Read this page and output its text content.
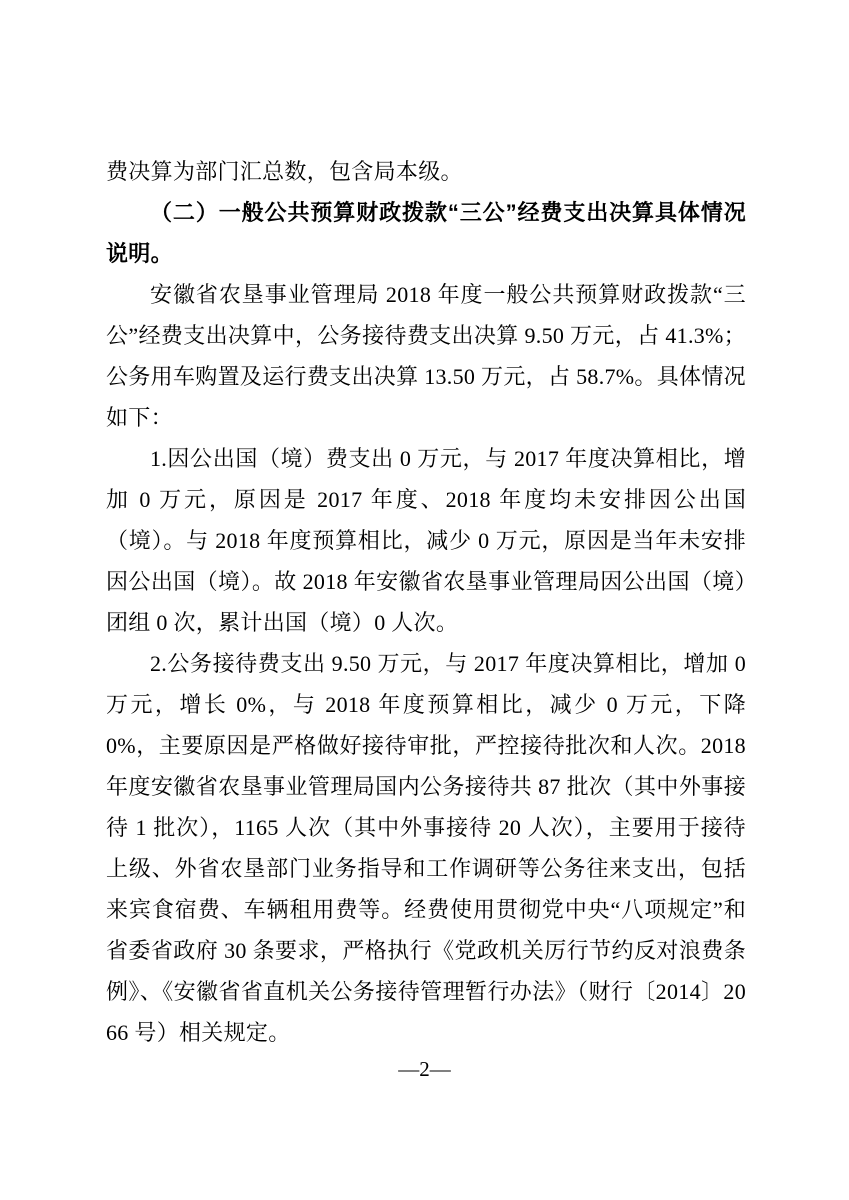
费决算为部门汇总数，包含局本级。

（二）一般公共预算财政拨款“三公”经费支出决算具体情况说明。

安徽省农垦事业管理局 2018 年度一般公共预算财政拨款“三公”经费支出决算中，公务接待费支出决算 9.50 万元，占 41.3%；公务用车购置及运行费支出决算 13.50 万元，占 58.7%。具体情况如下：

1.因公出国（境）费支出 0 万元，与 2017 年度决算相比，增加 0 万元，原因是 2017 年度、2018 年度均未安排因公出国（境）。与 2018 年度预算相比，减少 0 万元，原因是当年未安排因公出国（境）。故 2018 年安徽省农垦事业管理局因公出国（境）团组 0 次，累计出国（境）0 人次。

2.公务接待费支出 9.50 万元，与 2017 年度决算相比，增加 0 万元，增长 0%，与 2018 年度预算相比，减少 0 万元，下降 0%，主要原因是严格做好接待审批，严控接待批次和人次。2018 年度安徽省农垦事业管理局国内公务接待共 87 批次（其中外事接待 1 批次），1165 人次（其中外事接待 20 人次），主要用于接待上级、外省农垦部门业务指导和工作调研等公务往来支出，包括来宾食宿费、车辆租用费等。经费使用贯彻党中央“八项规定”和省委省政府 30 条要求，严格执行《党政机关厉行节约反对浪费条例》、《安徽省省直机关公务接待管理暂行办法》（财行〔2014〕2066 号）相关规定。

—2—
